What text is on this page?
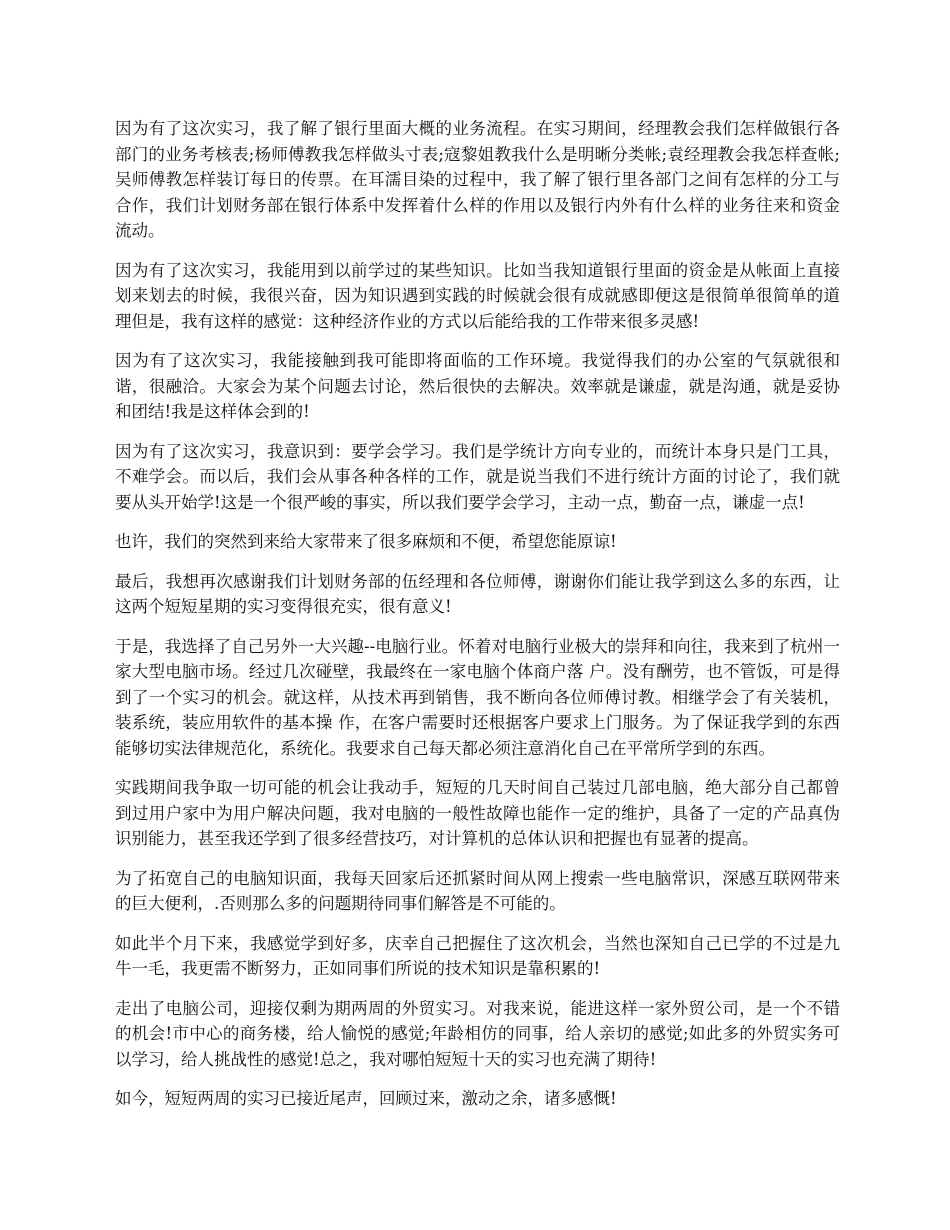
因为有了这次实习，我了解了银行里面大概的业务流程。在实习期间，经理教会我们怎样做银行各部门的业务考核表;杨师傅教我怎样做头寸表;寇黎姐教我什么是明晰分类帐;袁经理教会我怎样查帐;吴师傅教怎样装订每日的传票。在耳濡目染的过程中，我了解了银行里各部门之间有怎样的分工与合作，我们计划财务部在银行体系中发挥着什么样的作用以及银行内外有什么样的业务往来和资金流动。

因为有了这次实习，我能用到以前学过的某些知识。比如当我知道银行里面的资金是从帐面上直接划来划去的时候，我很兴奋，因为知识遇到实践的时候就会很有成就感即便这是很简单很简单的道理但是，我有这样的感觉：这种经济作业的方式以后能给我的工作带来很多灵感!

因为有了这次实习，我能接触到我可能即将面临的工作环境。我觉得我们的办公室的气氛就很和谐，很融洽。大家会为某个问题去讨论，然后很快的去解决。效率就是谦虚，就是沟通，就是妥协和团结!我是这样体会到的!

因为有了这次实习，我意识到：要学会学习。我们是学统计方向专业的，而统计本身只是门工具，不难学会。而以后，我们会从事各种各样的工作，就是说当我们不进行统计方面的讨论了，我们就要从头开始学!这是一个很严峻的事实，所以我们要学会学习，主动一点，勤奋一点，谦虚一点!

也许，我们的突然到来给大家带来了很多麻烦和不便，希望您能原谅!

最后，我想再次感谢我们计划财务部的伍经理和各位师傅，谢谢你们能让我学到这么多的东西，让这两个短短星期的实习变得很充实，很有意义!

于是，我选择了自己另外一大兴趣--电脑行业。怀着对电脑行业极大的崇拜和向往，我来到了杭州一家大型电脑市场。经过几次碰壁，我最终在一家电脑个体商户落 户。没有酬劳，也不管饭，可是得到了一个实习的机会。就这样，从技术再到销售，我不断向各位师傅讨教。相继学会了有关装机，装系统，装应用软件的基本操 作，在客户需要时还根据客户要求上门服务。为了保证我学到的东西能够切实法律规范化，系统化。我要求自己每天都必须注意消化自己在平常所学到的东西。

实践期间我争取一切可能的机会让我动手，短短的几天时间自己装过几部电脑，绝大部分自己都曾到过用户家中为用户解决问题，我对电脑的一般性故障也能作一定的维护，具备了一定的产品真伪识别能力，甚至我还学到了很多经营技巧，对计算机的总体认识和把握也有显著的提高。

为了拓宽自己的电脑知识面，我每天回家后还抓紧时间从网上搜索一些电脑常识，深感互联网带来的巨大便利，.否则那么多的问题期待同事们解答是不可能的。

如此半个月下来，我感觉学到好多，庆幸自己把握住了这次机会，当然也深知自己已学的不过是九牛一毛，我更需不断努力，正如同事们所说的技术知识是靠积累的!

走出了电脑公司，迎接仅剩为期两周的外贸实习。对我来说，能进这样一家外贸公司，是一个不错的机会!市中心的商务楼，给人愉悦的感觉;年龄相仿的同事，给人亲切的感觉;如此多的外贸实务可以学习，给人挑战性的感觉!总之，我对哪怕短短十天的实习也充满了期待!

如今，短短两周的实习已接近尾声，回顾过来，激动之余，诸多感慨!
